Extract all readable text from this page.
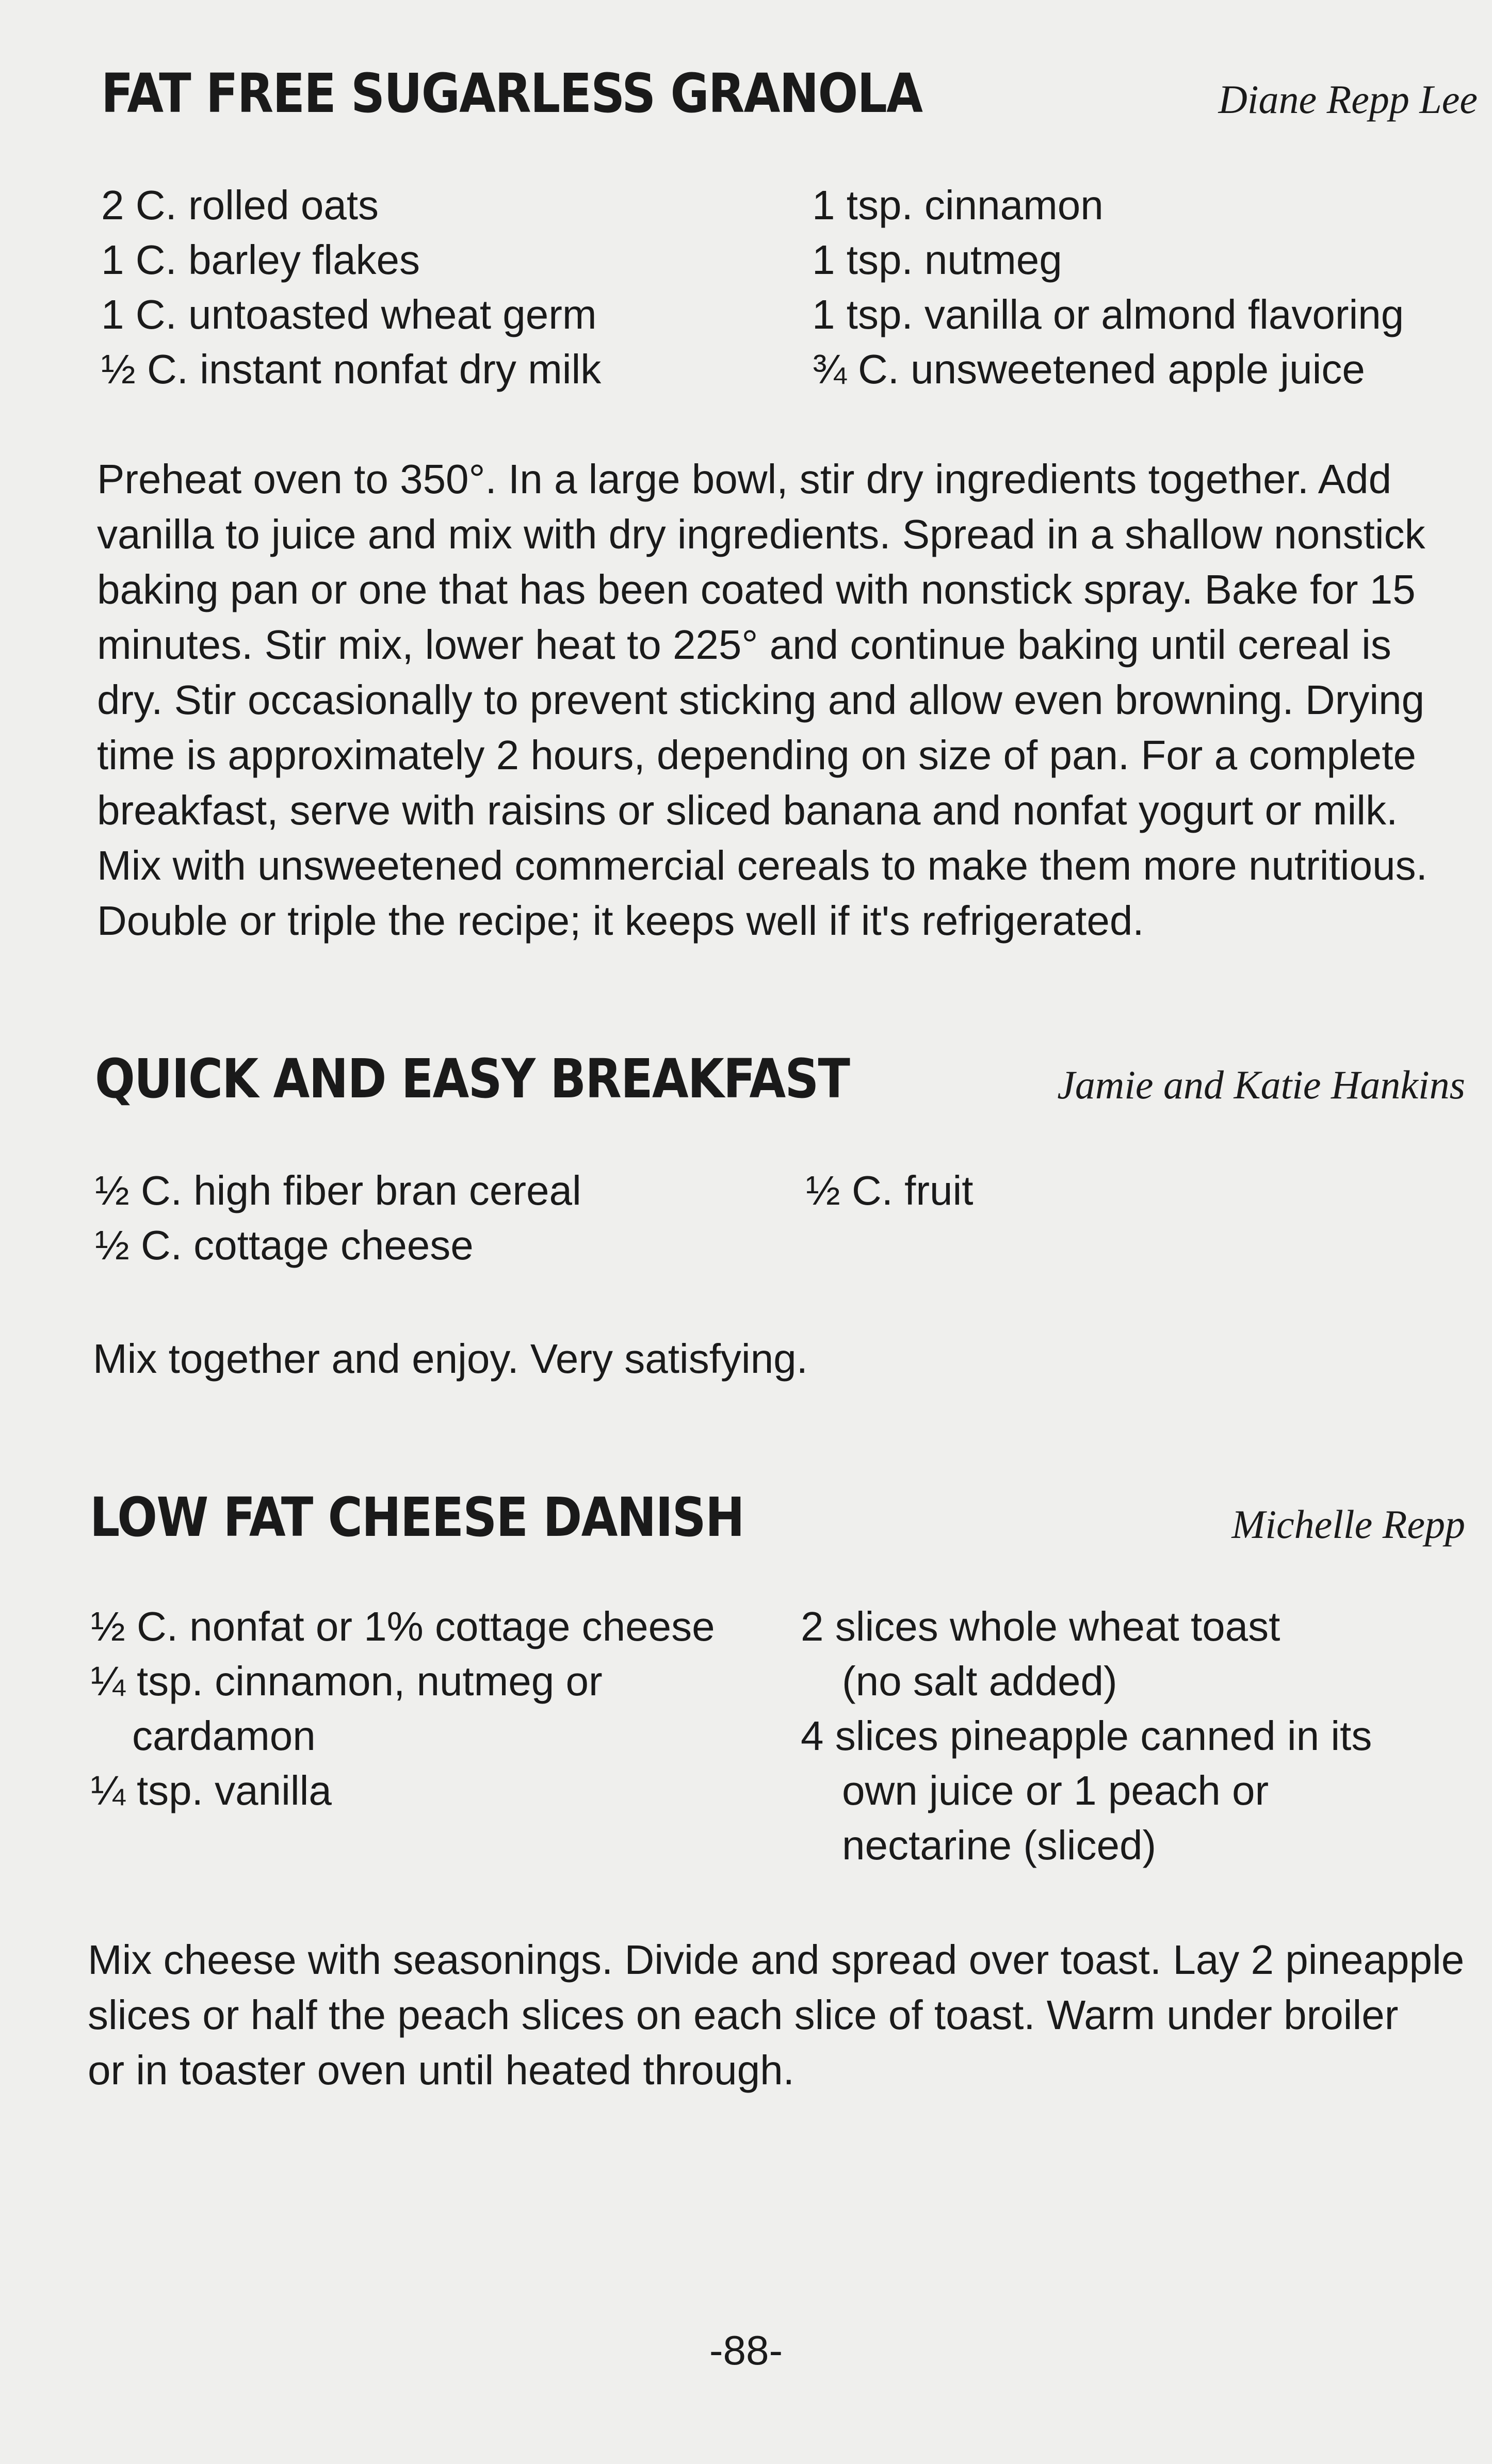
FAT FREE SUGARLESS GRANOLA	Diane Repp Lee
2 C. rolled oats
1 C. barley flakes
1 C. untoasted wheat germ
½ C. instant nonfat dry milk
1 tsp. cinnamon
1 tsp. nutmeg
1 tsp. vanilla or almond flavoring
¾ C. unsweetened apple juice
Preheat oven to 350°. In a large bowl, stir dry ingredients together. Add
vanilla to juice and mix with dry ingredients. Spread in a shallow nonstick
baking pan or one that has been coated with nonstick spray. Bake for 15
minutes. Stir mix, lower heat to 225° and continue baking until cereal is
dry. Stir occasionally to prevent sticking and allow even browning. Drying
time is approximately 2 hours, depending on size of pan. For a complete
breakfast, serve with raisins or sliced banana and nonfat yogurt or milk.
Mix with unsweetened commercial cereals to make them more nutritious.
Double or triple the recipe; it keeps well if it's refrigerated.
QUICK AND EASY BREAKFAST	Jamie and Katie Hankins
½ C. high fiber bran cereal
½ C. cottage cheese
½ C. fruit
Mix together and enjoy. Very satisfying.
LOW FAT CHEESE DANISH	Michelle Repp
½ C. nonfat or 1% cottage cheese
¼ tsp. cinnamon, nutmeg or
cardamon
¼ tsp. vanilla
2 slices whole wheat toast
(no salt added)
4 slices pineapple canned in its
own juice or 1 peach or
nectarine (sliced)
Mix cheese with seasonings. Divide and spread over toast. Lay 2 pineapple
slices or half the peach slices on each slice of toast. Warm under broiler
or in toaster oven until heated through.
-88-
